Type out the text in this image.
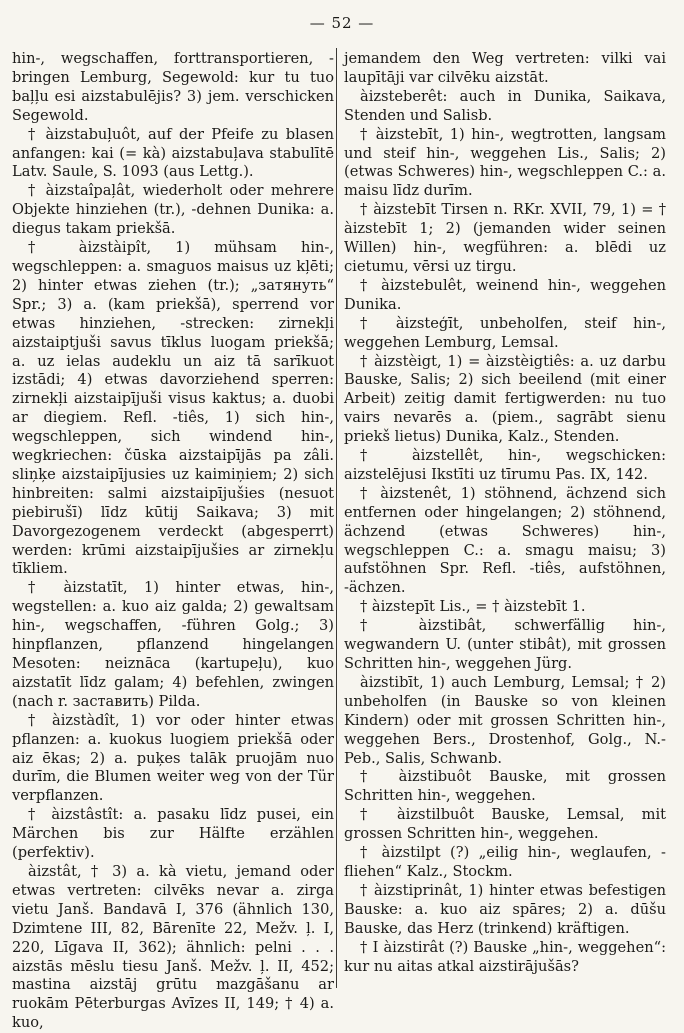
— 52 —

hin-, wegschaffen, forttransportieren, -bringen Lemburg, Segewold: kur tu tuo baļļu esi aizstabulējis? 3) jem. verschicken Segewold.

† àizstabuļuôt, auf der Pfeife zu blasen anfangen: kai (= kà) aizstabuļava stabulītē Latv. Saule, S. 1093 (aus Lettg.).

† àizstaîpaļât, wiederholt oder mehrere Objekte hinziehen (tr.), -dehnen Dunika: a. diegus takam priekšā.

† àizstàipît, 1) mühsam hin-, wegschleppen: a. smaguos maisus uz kļēti; 2) hinter etwas ziehen (tr.); „затянуть“ Spr.; 3) a. (kam priekšā), sperrend vor etwas hinziehen, -strecken: zirnekļi aizstaiptjuši savus tīklus luogam priekšā; a. uz ielas audeklu un aiz tā sarīkuot izstādi; 4) etwas davorziehend sperren: zirnekļi aizstaipījuši visus kaktus; a. duobi ar diegiem. Refl. -tiês, 1) sich hin-, wegschleppen, sich windend hin-, wegkriechen: čūska aizstaipījās pa zâli. sliņķe aizstaipījusies uz kaimiņiem; 2) sich hinbreiten: salmi aizstaipījušies (nesuot piebirušī) līdz kūtij Saikava; 3) mit Davorgezogenem verdeckt (abgesperrt) werden: krūmi aizstaipījušies ar zirnekļu tīkliem.

† àizstatīt, 1) hinter etwas, hin-, wegstellen: a. kuo aiz galda; 2) gewaltsam hin-, wegschaffen, -führen Golg.; 3) hinpflanzen, pflanzend hingelangen Mesoten: neiznāca (kartupeļu), kuo aizstatīt līdz galam; 4) befehlen, zwingen (nach r. заставить) Pilda.

† àizstàdît, 1) vor oder hinter etwas pflanzen: a. kuokus luogiem priekšā oder aiz ēkas; 2) a. puķes talāk pruojām nuo durīm, die Blumen weiter weg von der Tür verpflanzen.

† àizstâstît: a. pasaku līdz pusei, ein Märchen bis zur Hälfte erzählen (perfektiv).

àizstât, † 3) a. kà vietu, jemand oder etwas vertreten: cilvēks nevar a. zirga vietu Janš. Bandavā I, 376 (ähnlich 130, Dzimtene III, 82, Bārenīte 22, Mežv. ļ. I, 220, Līgava II, 362); ähnlich: pelni . . . aizstās mēslu tiesu Janš. Mežv. ļ. II, 452; mastina aizstāj grūtu mazgāšanu ar ruokām Pēterburgas Avīzes II, 149; † 4) a. kuo,

jemandem den Weg vertreten: vilki vai laupītāji var cilvēku aizstāt.

àizsteberêt: auch in Dunika, Saikava, Stenden und Salisb.

† àizstebīt, 1) hin-, wegtrotten, langsam und steif hin-, weggehen Lis., Salis; 2) (etwas Schweres) hin-, wegschleppen C.: a. maisu līdz durīm.

† àizstebīt Tirsen n. RKr. XVII, 79, 1) = † àizstebīt 1; 2) (jemanden wider seinen Willen) hin-, wegführen: a. blēdi uz cietumu, vērsi uz tirgu.

† àizstebulêt, weinend hin-, weggehen Dunika.

† àizsteģīt, unbeholfen, steif hin-, weggehen Lemburg, Lemsal.

† àizstèigt, 1) = àizstèigtiês: a. uz darbu Bauske, Salis; 2) sich beeilend (mit einer Arbeit) zeitig damit fertigwerden: nu tuo vairs nevarēs a. (piem., sagrābt sienu priekš lietus) Dunika, Kalz., Stenden.

† àizstellêt, hin-, wegschicken: aizstelējusi Ikstīti uz tīrumu Pas. IX, 142.

† àizstenêt, 1) stöhnend, ächzend sich entfernen oder hingelangen; 2) stöhnend, ächzend (etwas Schweres) hin-, wegschleppen C.: a. smagu maisu; 3) aufstöhnen Spr. Refl. -tiês, aufstöhnen, -ächzen.

† àizstepīt Lis., = † àizstebīt 1.

† àizstibât, schwerfällig hin-, wegwandern U. (unter stibât), mit grossen Schritten hin-, weggehen Jürg.

àizstibīt, 1) auch Lemburg, Lemsal; † 2) unbeholfen (in Bauske so von kleinen Kindern) oder mit grossen Schritten hin-, weggehen Bers., Drostenhof, Golg., N.-Peb., Salis, Schwanb.

† àizstibuôt Bauske, mit grossen Schritten hin-, weggehen.

† àizstilbuôt Bauske, Lemsal, mit grossen Schritten hin-, weggehen.

† àizstilpt (?) „eilig hin-, weglaufen, -fliehen“ Kalz., Stockm.

† àizstiprinât, 1) hinter etwas befestigen Bauske: a. kuo aiz spāres; 2) a. dūšu Bauske, das Herz (trinkend) kräftigen.

† I àizstirât (?) Bauske „hin-, weggehen“: kur nu aitas atkal aizstirājušās?
